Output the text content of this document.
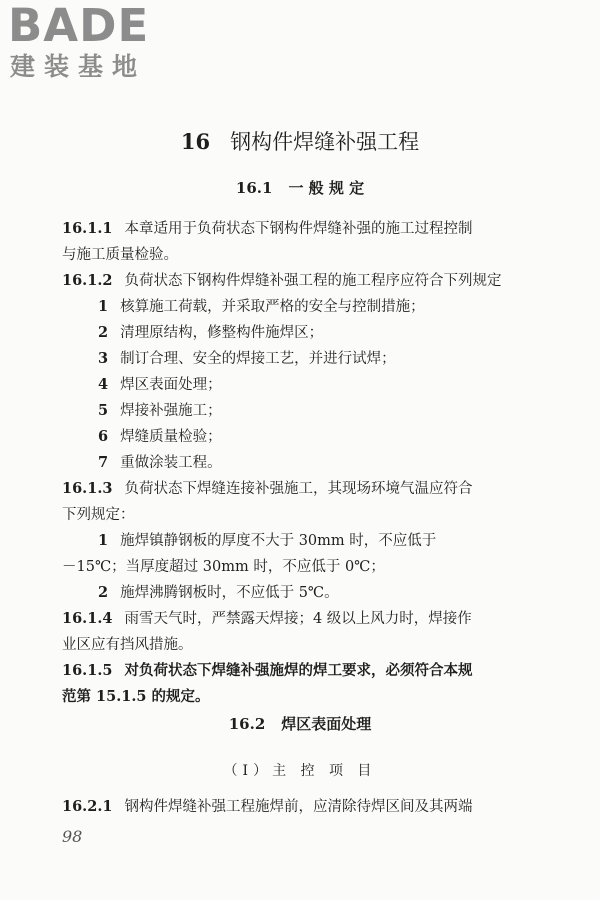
BADE
建装基地
16 钢构件焊缝补强工程
16.1 一 般 规 定
16.1.1 本章适用于负荷状态下钢构件焊缝补强的施工过程控制
与施工质量检验。
16.1.2 负荷状态下钢构件焊缝补强工程的施工程序应符合下列规定
1 核算施工荷载，并采取严格的安全与控制措施；
2 清理原结构，修整构件施焊区；
3 制订合理、安全的焊接工艺，并进行试焊；
4 焊区表面处理；
5 焊接补强施工；
6 焊缝质量检验；
7 重做涂装工程。
16.1.3 负荷状态下焊缝连接补强施工，其现场环境气温应符合
下列规定：
1 施焊镇静钢板的厚度不大于 30mm 时，不应低于
－15℃；当厚度超过 30mm 时，不应低于 0℃；
2 施焊沸腾钢板时，不应低于 5℃。
16.1.4 雨雪天气时，严禁露天焊接；4 级以上风力时，焊接作
业区应有挡风措施。
16.1.5 对负荷状态下焊缝补强施焊的焊工要求，必须符合本规
范第 15.1.5 的规定。
16.2 焊区表面处理
（Ⅰ）主 控 项 目
16.2.1 钢构件焊缝补强工程施焊前，应清除待焊区间及其两端
98
